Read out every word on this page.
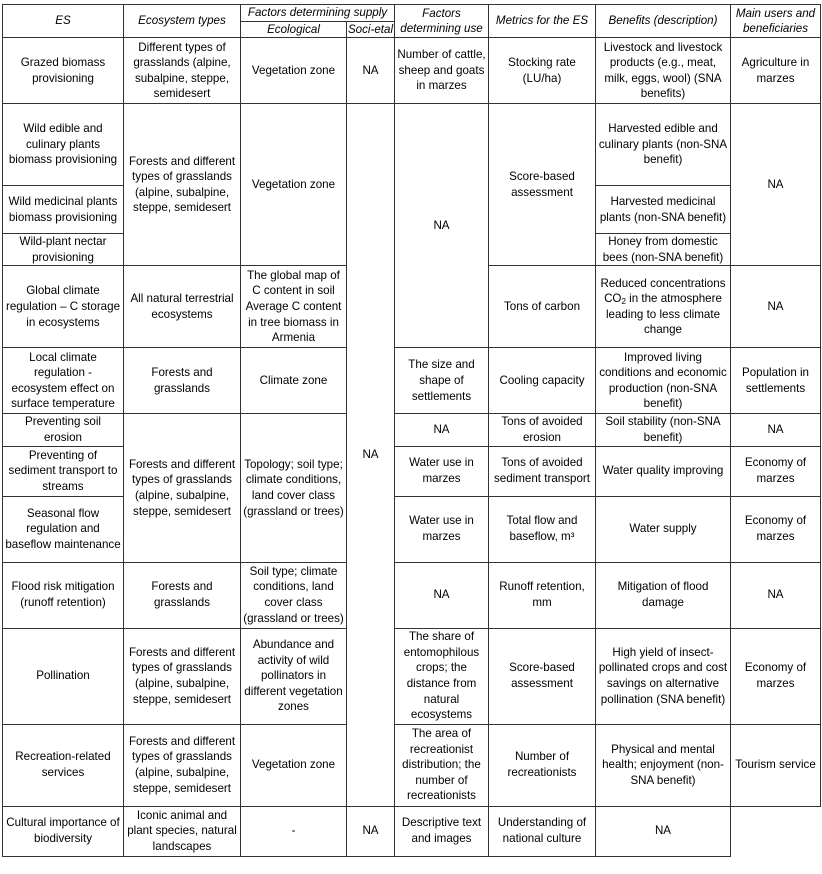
ES	Ecosystem types	Factors determining supply		Factors determining use	Metrics for the ES	Benefits (description)	Main users and beneficiaries
		Ecological	Soci-etal				
Grazed biomass provisioning	Different types of grasslands (alpine, subalpine, steppe, semidesert	Vegetation zone	NA	Number of cattle, sheep and goats in marzes	Stocking rate (LU/ha)	Livestock and livestock products (e.g., meat, milk, eggs, wool) (SNA benefits)	Agriculture in marzes
Wild edible and culinary plants biomass provisioning	Forests and different types of grasslands (alpine, subalpine, steppe, semidesert	Vegetation zone	NA	NA	Score-based assessment	Harvested edible and culinary plants (non-SNA benefit)	NA
Wild medicinal plants biomass provisioning						Harvested medicinal plants (non-SNA benefit)	
Wild-plant nectar provisioning						Honey from domestic bees (non-SNA benefit)	
Global climate regulation – C storage in ecosystems	All natural terrestrial ecosystems	The global map of C content in soil Average C content in tree biomass in Armenia			Tons of carbon	Reduced concentrations $CO_2$ in the atmosphere leading to less climate change	NA
Local climate regulation - ecosystem effect on surface temperature	Forests and grasslands	Climate zone		The size and shape of settlements	Cooling capacity	Improved living conditions and economic production (non-SNA benefit)	Population in settlements
Preventing soil erosion	Forests and different types of grasslands (alpine, subalpine, steppe, semidesert	Topology; soil type; climate conditions, land cover class (grassland or trees)		NA	Tons of avoided erosion	Soil stability (non-SNA benefit)	NA
Preventing of sediment transport to streams				Water use in marzes	Tons of avoided sediment transport	Water quality improving	Economy of marzes
Seasonal flow regulation and baseflow maintenance				Water use in marzes	Total flow and baseflow, m³	Water supply	Economy of marzes
Flood risk mitigation (runoff retention)	Forests and grasslands	Soil type; climate conditions, land cover class (grassland or trees)		NA	Runoff retention, mm	Mitigation of flood damage	NA
Pollination	Forests and different types of grasslands (alpine, subalpine, steppe, semidesert	Abundance and activity of wild pollinators in different vegetation zones		The share of entomophilous crops; the distance from natural ecosystems	Score-based assessment	High yield of insect-pollinated crops and cost savings on alternative pollination (SNA benefit)	Economy of marzes
Recreation-related services	Forests and different types of grasslands (alpine, subalpine, steppe, semidesert	Vegetation zone		The area of recreationist distribution; the number of recreationists	Number of recreationists	Physical and mental health; enjoyment (non-SNA benefit)	Tourism service
Cultural importance of biodiversity	Iconic animal and plant species, natural landscapes	-	NA	Descriptive text and images	Understanding of national culture	NA	
